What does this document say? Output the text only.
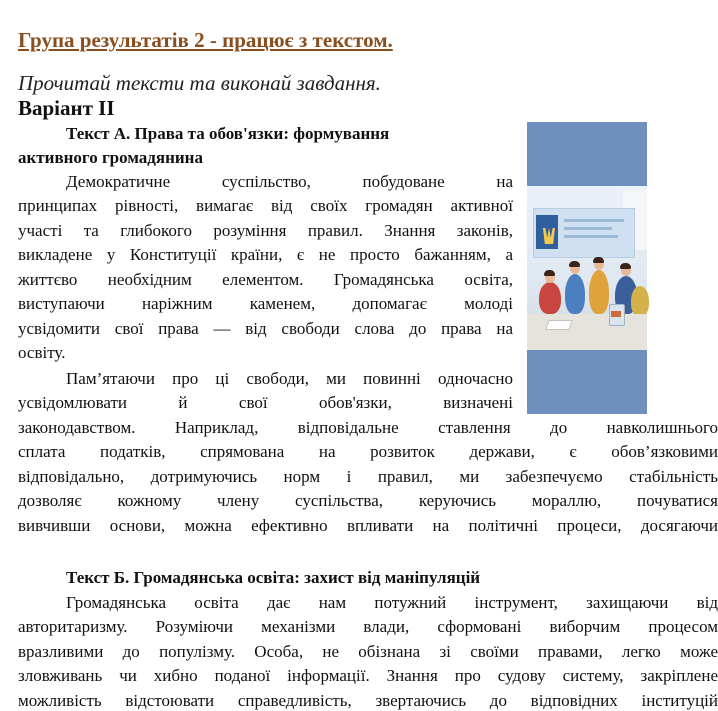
Група результатів 2 - працює з текстом.
Прочитай тексти та виконай завдання.
Варіант ІІ
Текст А. Права та обов'язки: формування
активного громадянина
Демократичне суспільство, побудоване на
принципах рівності, вимагає від своїх громадян активної
участі та глибокого розуміння правил. Знання законів,
викладене у Конституції країни, є не просто бажанням, а
життєво необхідним елементом. Громадянська освіта,
виступаючи наріжним каменем, допомагає молоді
усвідомити свої права — від свободи слова до права на
освіту.
Пам’ятаючи про ці свободи, ми повинні одночасно
усвідомлювати й свої обов'язки, визначені
законодавством. Наприклад, відповідальне ставлення до навколишнього
сплата податків, спрямована на розвиток держави, є обов’язковими
відповідально, дотримуючись норм і правил, ми забезпечуємо стабільність
дозволяє кожному члену суспільства, керуючись мораллю, почуватися
вивчивши основи, можна ефективно впливати на політичні процеси, досягаючи
Текст Б. Громадянська освіта: захист від маніпуляцій
Громадянська освіта дає нам потужний інструмент, захищаючи від
авторитаризму. Розуміючи механізми влади, сформовані виборчим процесом
вразливими до популізму. Особа, не обізнана зі своїми правами, легко може
зловживань чи хибно поданої інформації. Знання про судову систему, закріплене
можливість відстоювати справедливість, звертаючись до відповідних інституцій
